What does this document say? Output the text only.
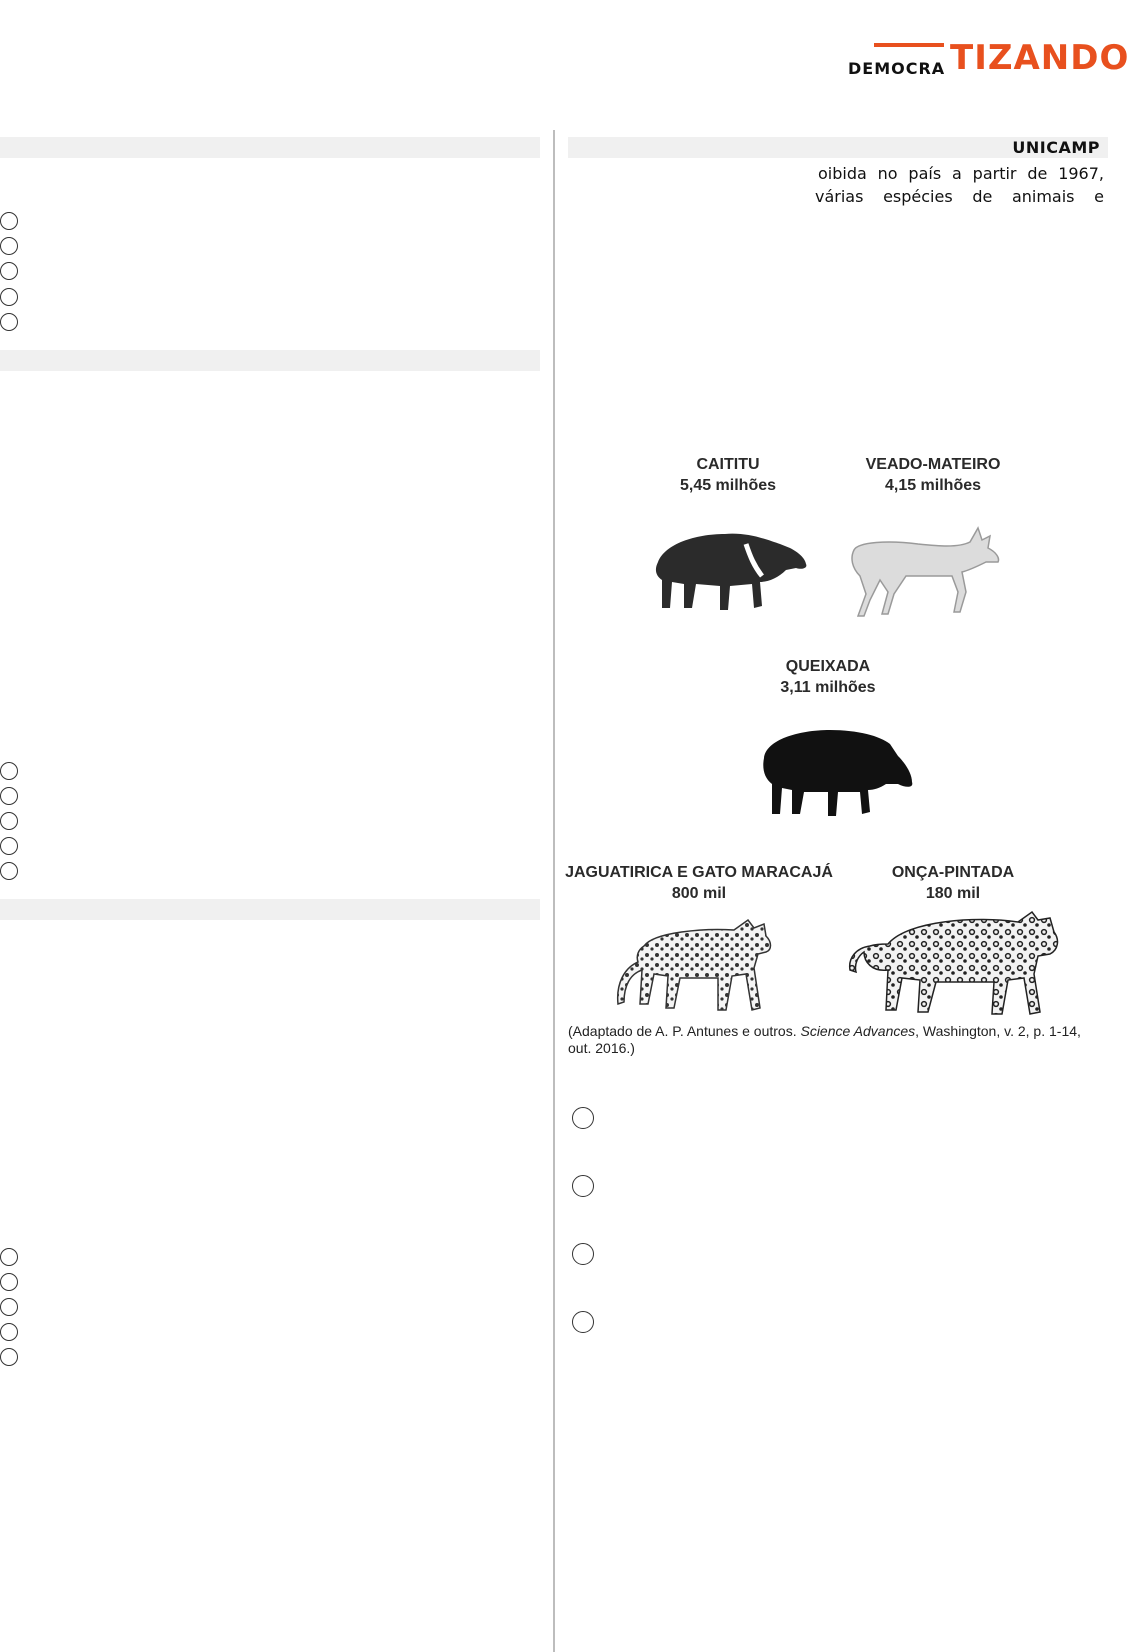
DEMOCRA TIZANDO
UNICAMP
oibida no país a partir de 1967,
várias espécies de animais e
CAITITU
5,45 milhões
VEADO-MATEIRO
4,15 milhões
QUEIXADA
3,11 milhões
JAGUATIRICA E GATO MARACAJÁ
800 mil
ONÇA-PINTADA
180 mil
(Adaptado de A. P. Antunes e outros. Science Advances, Washington, v. 2, p. 1-14, out. 2016.)
